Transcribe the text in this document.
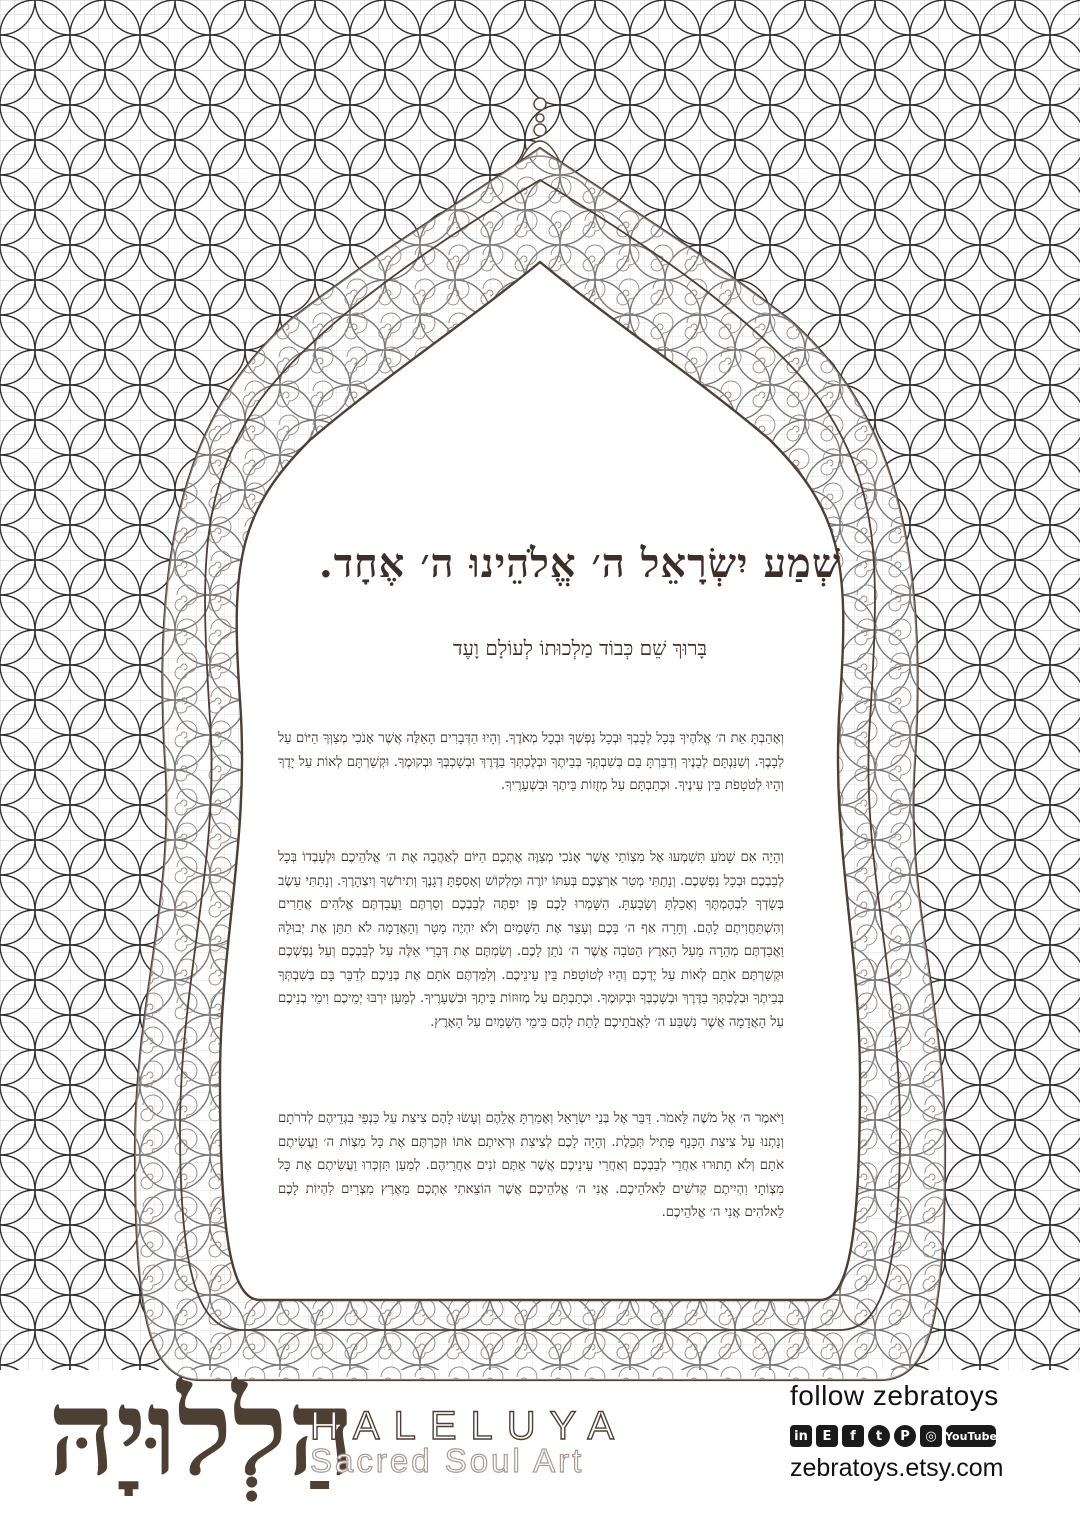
שְׁמַע יִשְׂרָאֵל ה׳ אֱלֹהֵינוּ ה׳ אֶחָד.
בָּרוּךְ שֵׁם כְּבוֹד מַלְכוּתוֹ לְעוֹלָם וָעֶד
וְאָהַבְתָּ אֵת ה׳ אֱלֹהֶיךָ בְּכָל לְבָבְךָ וּבְכָל נַפְשְׁךָ וּבְכָל מְאֹדֶךָ. וְהָיוּ הַדְּבָרִים הָאֵלֶּה אֲשֶׁר אָנֹכִי מְצַוְּךָ הַיּוֹם עַל לְבָבֶךָ. וְשִׁנַּנְתָּם לְבָנֶיךָ וְדִבַּרְתָּ בָּם בְּשִׁבְתְּךָ בְּבֵיתֶךָ וּבְלֶכְתְּךָ בַדֶּרֶךְ וּבְשָׁכְבְּךָ וּבְקוּמֶךָ. וּקְשַׁרְתָּם לְאוֹת עַל יָדֶךָ וְהָיוּ לְטֹטָפֹת בֵּין עֵינֶיךָ. וּכְתַבְתָּם עַל מְזֻזוֹת בֵּיתֶךָ וּבִשְׁעָרֶיךָ.
וְהָיָה אִם שָׁמֹעַ תִּשְׁמְעוּ אֶל מִצְוֹתַי אֲשֶׁר אָנֹכִי מְצַוֶּה אֶתְכֶם הַיּוֹם לְאַהֲבָה אֶת ה׳ אֱלֹהֵיכֶם וּלְעָבְדוֹ בְּכָל לְבַבְכֶם וּבְכָל נַפְשְׁכֶם. וְנָתַתִּי מְטַר אַרְצְכֶם בְּעִתּוֹ יוֹרֶה וּמַלְקוֹשׁ וְאָסַפְתָּ דְגָנֶךָ וְתִירֹשְׁךָ וְיִצְהָרֶךָ. וְנָתַתִּי עֵשֶׂב בְּשָׂדְךָ לִבְהֶמְתֶּךָ וְאָכַלְתָּ וְשָׂבָעְתָּ. הִשָּׁמְרוּ לָכֶם פֶּן יִפְתֶּה לְבַבְכֶם וְסַרְתֶּם וַעֲבַדְתֶּם אֱלֹהִים אֲחֵרִים וְהִשְׁתַּחֲוִיתֶם לָהֶם. וְחָרָה אַף ה׳ בָּכֶם וְעָצַר אֶת הַשָּׁמַיִם וְלֹא יִהְיֶה מָטָר וְהָאֲדָמָה לֹא תִתֵּן אֶת יְבוּלָהּ וַאֲבַדְתֶּם מְהֵרָה מֵעַל הָאָרֶץ הַטֹּבָה אֲשֶׁר ה׳ נֹתֵן לָכֶם. וְשַׂמְתֶּם אֶת דְּבָרַי אֵלֶּה עַל לְבַבְכֶם וְעַל נַפְשְׁכֶם וּקְשַׁרְתֶּם אֹתָם לְאוֹת עַל יֶדְכֶם וְהָיוּ לְטוֹטָפֹת בֵּין עֵינֵיכֶם. וְלִמַּדְתֶּם אֹתָם אֶת בְּנֵיכֶם לְדַבֵּר בָּם בְּשִׁבְתְּךָ בְּבֵיתֶךָ וּבְלֶכְתְּךָ בַדֶּרֶךְ וּבְשָׁכְבְּךָ וּבְקוּמֶךָ. וּכְתַבְתָּם עַל מְזוּזוֹת בֵּיתֶךָ וּבִשְׁעָרֶיךָ. לְמַעַן יִרְבּוּ יְמֵיכֶם וִימֵי בְנֵיכֶם עַל הָאֲדָמָה אֲשֶׁר נִשְׁבַּע ה׳ לַאֲבֹתֵיכֶם לָתֵת לָהֶם כִּימֵי הַשָּׁמַיִם עַל הָאָרֶץ.
וַיֹּאמֶר ה׳ אֶל מֹשֶׁה לֵּאמֹר. דַּבֵּר אֶל בְּנֵי יִשְׂרָאֵל וְאָמַרְתָּ אֲלֵהֶם וְעָשׂוּ לָהֶם צִיצִת עַל כַּנְפֵי בִגְדֵיהֶם לְדֹרֹתָם וְנָתְנוּ עַל צִיצִת הַכָּנָף פְּתִיל תְּכֵלֶת. וְהָיָה לָכֶם לְצִיצִת וּרְאִיתֶם אֹתוֹ וּזְכַרְתֶּם אֶת כָּל מִצְוֹת ה׳ וַעֲשִׂיתֶם אֹתָם וְלֹא תָתוּרוּ אַחֲרֵי לְבַבְכֶם וְאַחֲרֵי עֵינֵיכֶם אֲשֶׁר אַתֶּם זֹנִים אַחֲרֵיהֶם. לְמַעַן תִּזְכְּרוּ וַעֲשִׂיתֶם אֶת כָּל מִצְוֹתָי וִהְיִיתֶם קְדֹשִׁים לֵאלֹהֵיכֶם. אֲנִי ה׳ אֱלֹהֵיכֶם אֲשֶׁר הוֹצֵאתִי אֶתְכֶם מֵאֶרֶץ מִצְרַיִם לִהְיוֹת לָכֶם לֵאלֹהִים אֲנִי ה׳ אֱלֹהֵיכֶם.
הַלְלוּיָהּ
HALELUYA
Sacred Soul Art
follow zebratoys
in	E	f	t	P	◎ YouTube
zebratoys.etsy.com
